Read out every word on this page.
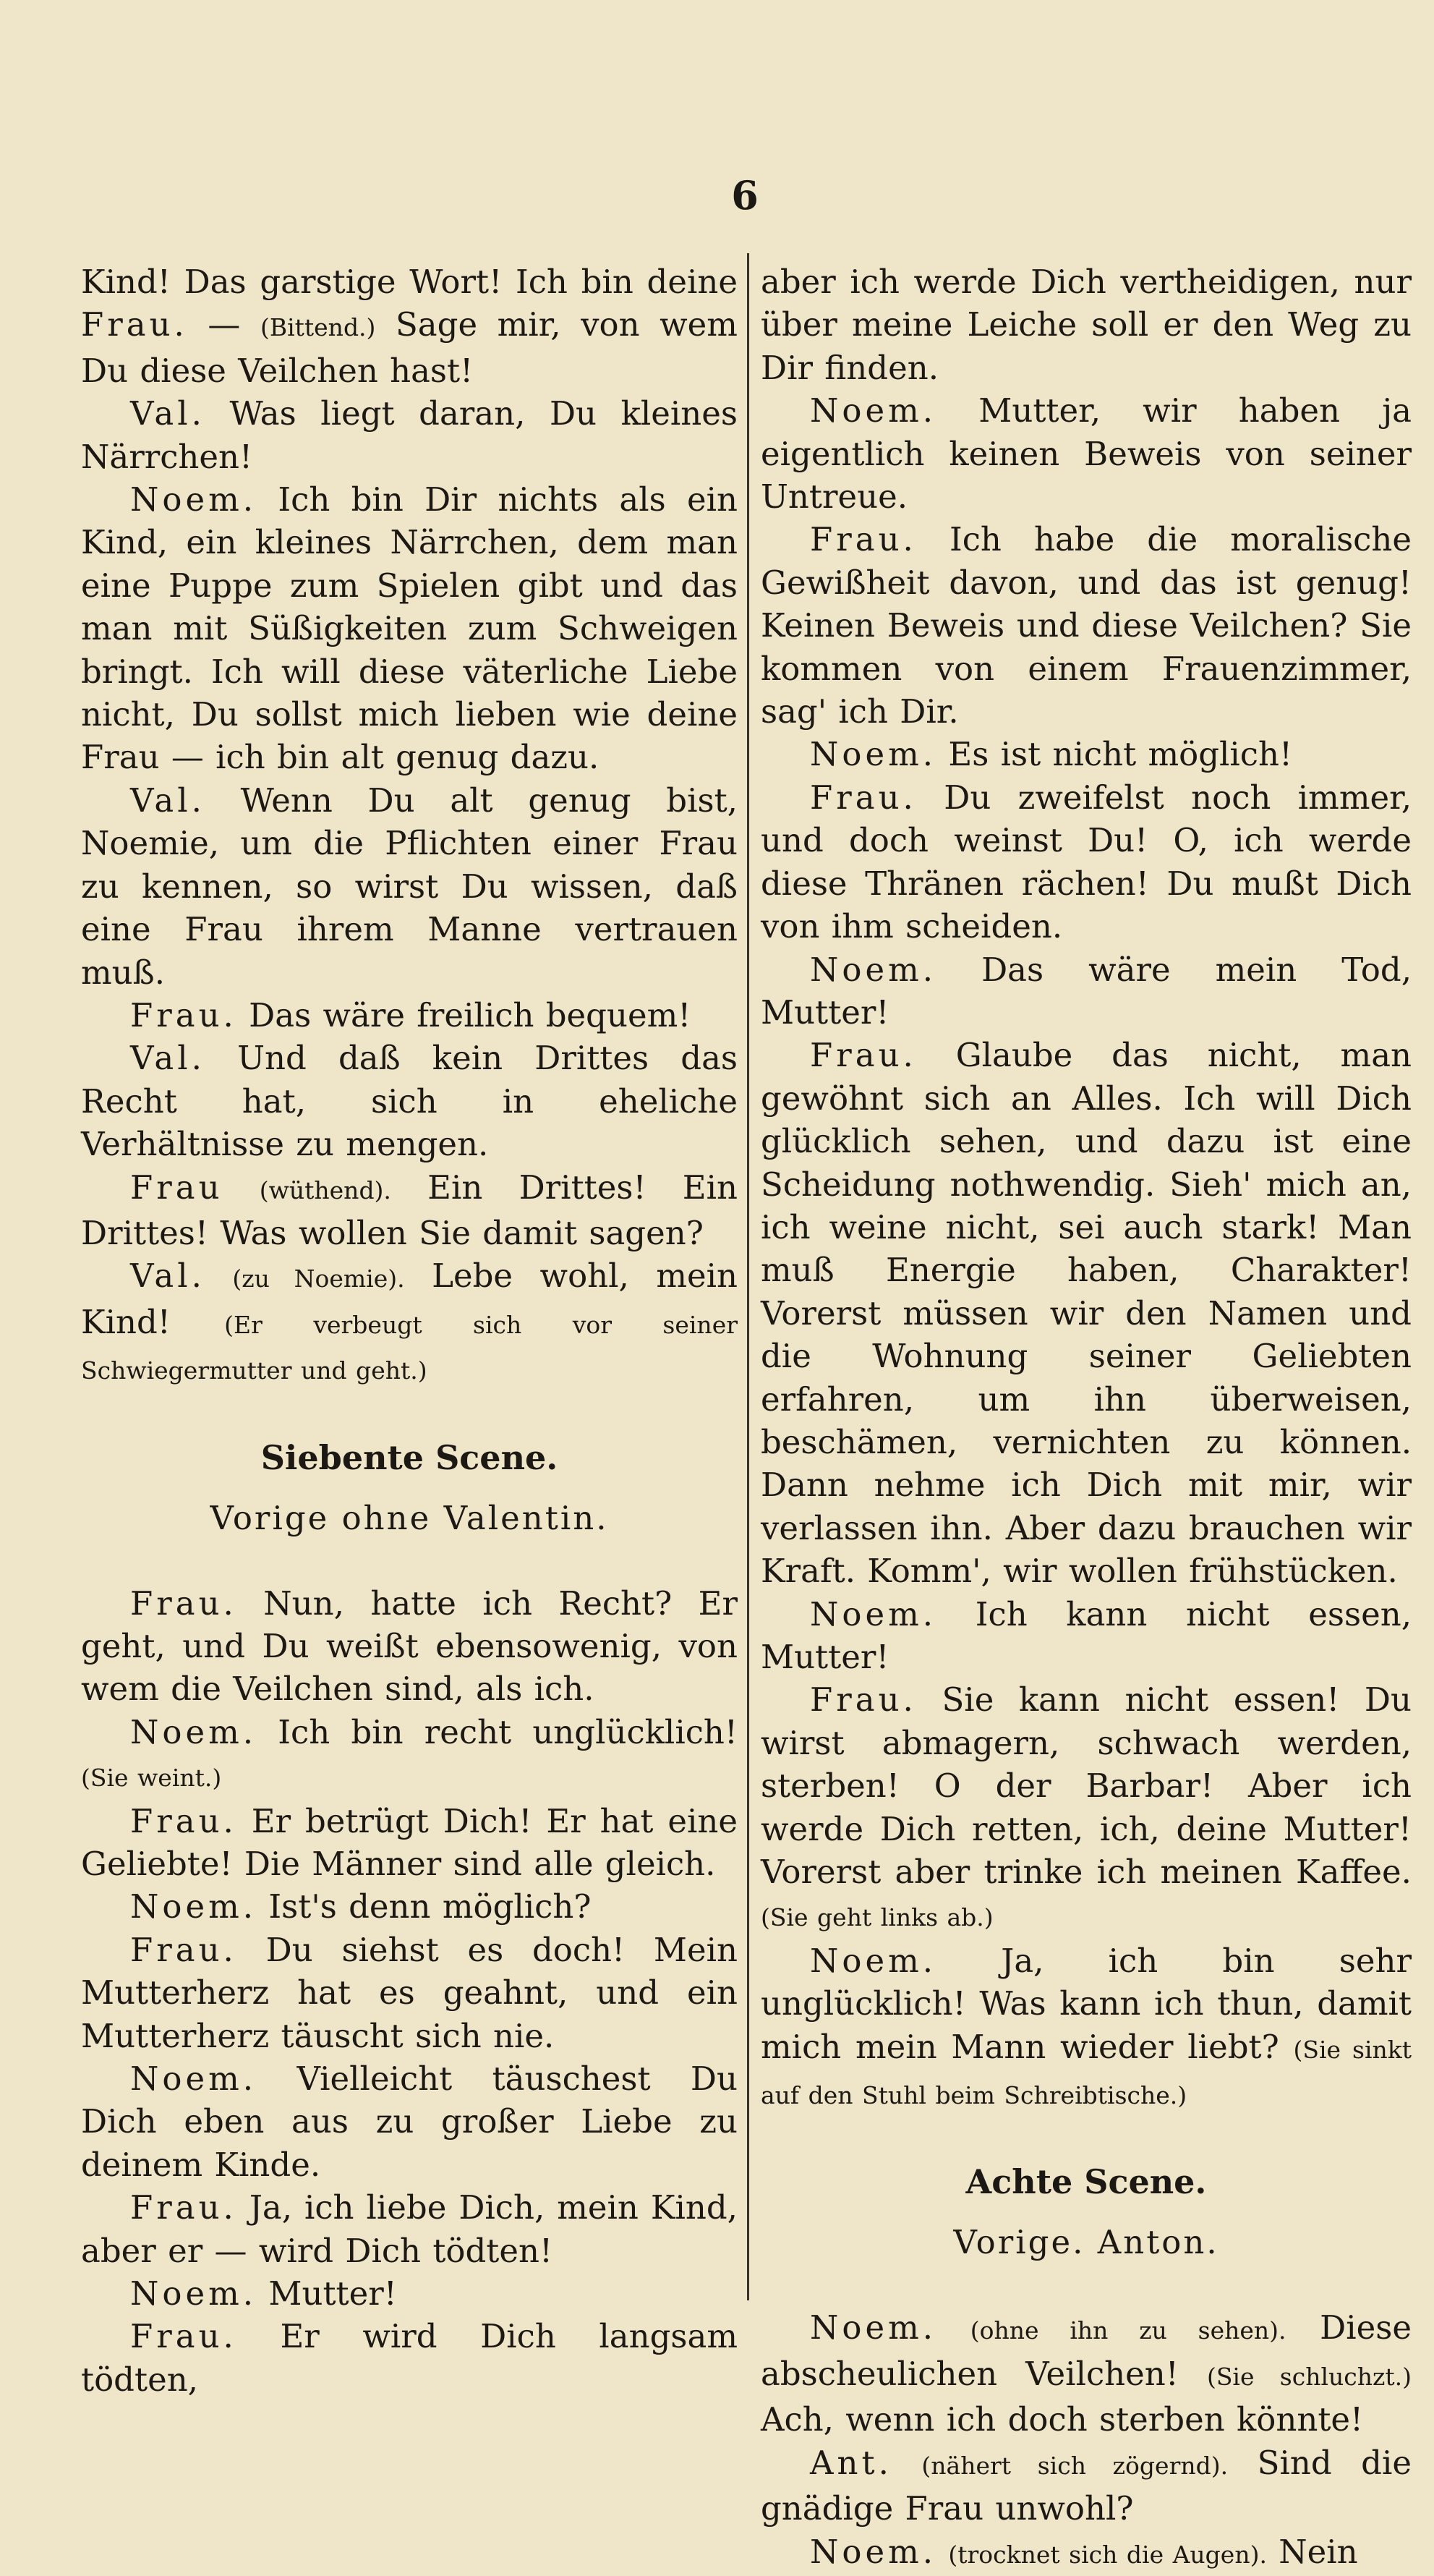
6
Kind! Das garstige Wort! Ich bin deine Frau. — (Bittend.) Sage mir, von wem Du diese Veilchen hast!
Val. Was liegt daran, Du kleines Närrchen!
Noem. Ich bin Dir nichts als ein Kind, ein kleines Närrchen, dem man eine Puppe zum Spielen gibt und das man mit Süßigkeiten zum Schweigen bringt. Ich will diese väterliche Liebe nicht, Du sollst mich lieben wie deine Frau — ich bin alt genug dazu.
Val. Wenn Du alt genug bist, Noemie, um die Pflichten einer Frau zu kennen, so wirst Du wissen, daß eine Frau ihrem Manne vertrauen muß.
Frau. Das wäre freilich bequem!
Val. Und daß kein Drittes das Recht hat, sich in eheliche Verhältnisse zu mengen.
Frau (wüthend). Ein Drittes! Ein Drittes! Was wollen Sie damit sagen?
Val. (zu Noemie). Lebe wohl, mein Kind! (Er verbeugt sich vor seiner Schwiegermutter und geht.)
Siebente Scene.
Vorige ohne Valentin.
Frau. Nun, hatte ich Recht? Er geht, und Du weißt ebensowenig, von wem die Veilchen sind, als ich.
Noem. Ich bin recht unglücklich! (Sie weint.)
Frau. Er betrügt Dich! Er hat eine Geliebte! Die Männer sind alle gleich.
Noem. Ist's denn möglich?
Frau. Du siehst es doch! Mein Mutterherz hat es geahnt, und ein Mutterherz täuscht sich nie.
Noem. Vielleicht täuschest Du Dich eben aus zu großer Liebe zu deinem Kinde.
Frau. Ja, ich liebe Dich, mein Kind, aber er — wird Dich tödten!
Noem. Mutter!
Frau. Er wird Dich langsam tödten,
aber ich werde Dich vertheidigen, nur über meine Leiche soll er den Weg zu Dir finden.
Noem. Mutter, wir haben ja eigentlich keinen Beweis von seiner Untreue.
Frau. Ich habe die moralische Gewißheit davon, und das ist genug! Keinen Beweis und diese Veilchen? Sie kommen von einem Frauenzimmer, sag' ich Dir.
Noem. Es ist nicht möglich!
Frau. Du zweifelst noch immer, und doch weinst Du! O, ich werde diese Thränen rächen! Du mußt Dich von ihm scheiden.
Noem. Das wäre mein Tod, Mutter!
Frau. Glaube das nicht, man gewöhnt sich an Alles. Ich will Dich glücklich sehen, und dazu ist eine Scheidung nothwendig. Sieh' mich an, ich weine nicht, sei auch stark! Man muß Energie haben, Charakter! Vorerst müssen wir den Namen und die Wohnung seiner Geliebten erfahren, um ihn überweisen, beschämen, vernichten zu können. Dann nehme ich Dich mit mir, wir verlassen ihn. Aber dazu brauchen wir Kraft. Komm', wir wollen frühstücken.
Noem. Ich kann nicht essen, Mutter!
Frau. Sie kann nicht essen! Du wirst abmagern, schwach werden, sterben! O der Barbar! Aber ich werde Dich retten, ich, deine Mutter! Vorerst aber trinke ich meinen Kaffee. (Sie geht links ab.)
Noem. Ja, ich bin sehr unglücklich! Was kann ich thun, damit mich mein Mann wieder liebt? (Sie sinkt auf den Stuhl beim Schreibtische.)
Achte Scene.
Vorige. Anton.
Noem. (ohne ihn zu sehen). Diese abscheulichen Veilchen! (Sie schluchzt.) Ach, wenn ich doch sterben könnte!
Ant. (nähert sich zögernd). Sind die gnädige Frau unwohl?
Noem. (trocknet sich die Augen). Nein
